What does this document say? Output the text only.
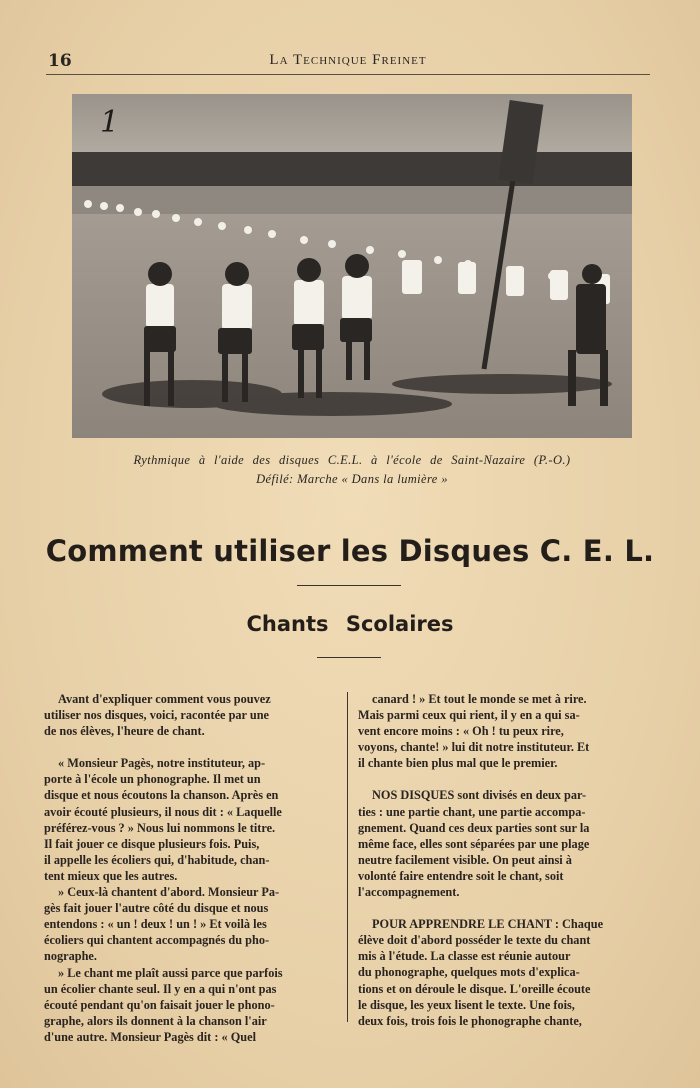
16	La Technique Freinet
1
Rythmique à l'aide des disques C.E.L. à l'école de Saint-Nazaire (P.-O.)
Défilé: Marche « Dans la lumière »
Comment utiliser les Disques C. E. L.
Chants Scolaires

Avant d'expliquer comment vous pouvez
utiliser nos disques, voici, racontée par une
de nos élèves, l'heure de chant.

« Monsieur Pagès, notre instituteur, ap-
porte à l'école un phonographe. Il met un
disque et nous écoutons la chanson. Après en
avoir écouté plusieurs, il nous dit : « Laquelle
préférez-vous ? » Nous lui nommons le titre.
Il fait jouer ce disque plusieurs fois. Puis,
il appelle les écoliers qui, d'habitude, chan-
tent mieux que les autres.

» Ceux-là chantent d'abord. Monsieur Pa-
gès fait jouer l'autre côté du disque et nous
entendons : « un ! deux ! un ! » Et voilà les
écoliers qui chantent accompagnés du pho-
nographe.

» Le chant me plaît aussi parce que parfois
un écolier chante seul. Il y en a qui n'ont pas
écouté pendant qu'on faisait jouer le phono-
graphe, alors ils donnent à la chanson l'air
d'une autre. Monsieur Pagès dit : « Quel

canard ! » Et tout le monde se met à rire.
Mais parmi ceux qui rient, il y en a qui sa-
vent encore moins : « Oh ! tu peux rire,
voyons, chante! » lui dit notre instituteur. Et
il chante bien plus mal que le premier.

NOS DISQUES sont divisés en deux par-
ties : une partie chant, une partie accompa-
gnement. Quand ces deux parties sont sur la
même face, elles sont séparées par une plage
neutre facilement visible. On peut ainsi à
volonté faire entendre soit le chant, soit
l'accompagnement.

POUR APPRENDRE LE CHANT : Chaque
élève doit d'abord posséder le texte du chant
mis à l'étude. La classe est réunie autour
du phonographe, quelques mots d'explica-
tions et on déroule le disque. L'oreille écoute
le disque, les yeux lisent le texte. Une fois,
deux fois, trois fois le phonographe chante,
